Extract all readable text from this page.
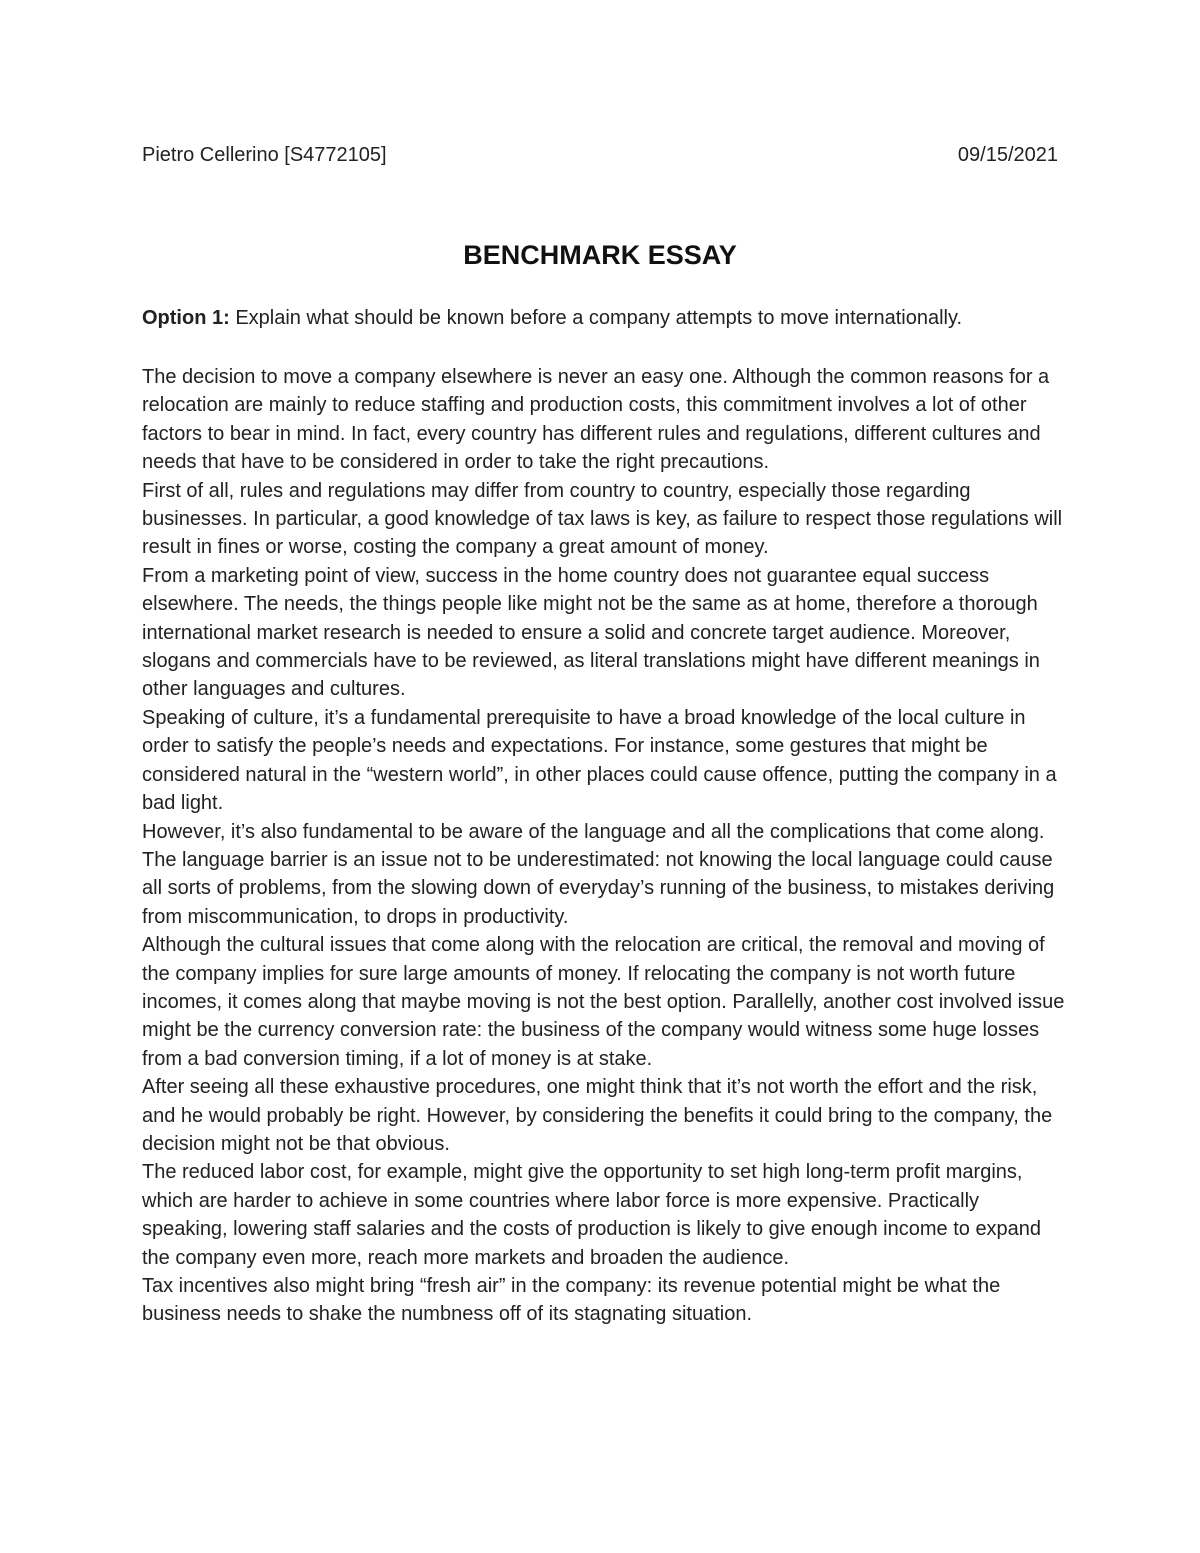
Pietro Cellerino [S4772105]	09/15/2021
BENCHMARK ESSAY
Option 1: Explain what should be known before a company attempts to move internationally.

The decision to move a company elsewhere is never an easy one. Although the common reasons for a relocation are mainly to reduce staffing and production costs, this commitment involves a lot of other factors to bear in mind. In fact, every country has different rules and regulations, different cultures and needs that have to be considered in order to take the right precautions.

First of all, rules and regulations may differ from country to country, especially those regarding businesses. In particular, a good knowledge of tax laws is key, as failure to respect those regulations will result in fines or worse, costing the company a great amount of money.

From a marketing point of view, success in the home country does not guarantee equal success elsewhere. The needs, the things people like might not be the same as at home, therefore a thorough international market research is needed to ensure a solid and concrete target audience. Moreover, slogans and commercials have to be reviewed, as literal translations might have different meanings in other languages and cultures.

Speaking of culture, it’s a fundamental prerequisite to have a broad knowledge of the local culture in order to satisfy the people’s needs and expectations. For instance, some gestures that might be considered natural in the “western world”, in other places could cause offence, putting the company in a bad light.

However, it’s also fundamental to be aware of the language and all the complications that come along. The language barrier is an issue not to be underestimated: not knowing the local language could cause all sorts of problems, from the slowing down of everyday’s running of the business, to mistakes deriving from miscommunication, to drops in productivity.

Although the cultural issues that come along with the relocation are critical, the removal and moving of the company implies for sure large amounts of money. If relocating the company is not worth future incomes, it comes along that maybe moving is not the best option. Parallelly, another cost involved issue might be the currency conversion rate: the business of the company would witness some huge losses from a bad conversion timing, if a lot of money is at stake.

After seeing all these exhaustive procedures, one might think that it’s not worth the effort and the risk, and he would probably be right. However, by considering the benefits it could bring to the company, the decision might not be that obvious.

The reduced labor cost, for example, might give the opportunity to set high long-term profit margins, which are harder to achieve in some countries where labor force is more expensive. Practically speaking, lowering staff salaries and the costs of production is likely to give enough income to expand the company even more, reach more markets and broaden the audience.

Tax incentives also might bring “fresh air” in the company: its revenue potential might be what the business needs to shake the numbness off of its stagnating situation.
